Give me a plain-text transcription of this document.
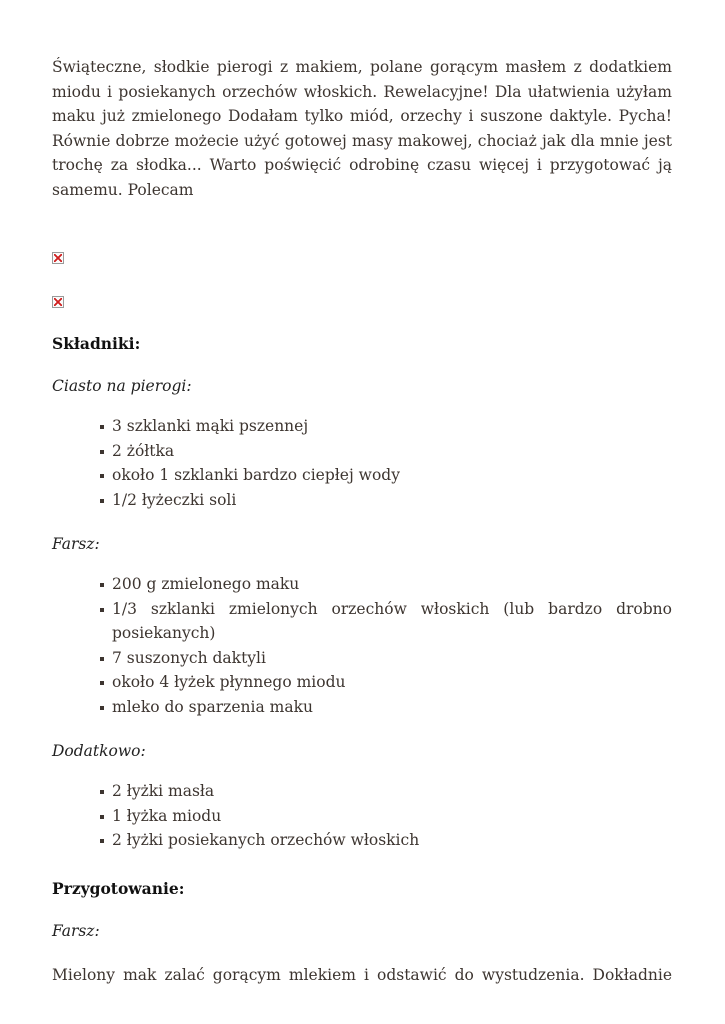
Świąteczne, słodkie pierogi z makiem, polane gorącym masłem z dodatkiem miodu i posiekanych orzechów włoskich. Rewelacyjne! Dla ułatwienia użyłam maku już zmielonego Dodałam tylko miód, orzechy i suszone daktyle. Pycha! Równie dobrze możecie użyć gotowej masy makowej, chociaż jak dla mnie jest trochę za słodka... Warto poświęcić odrobinę czasu więcej i przygotować ją samemu. Polecam

Składniki:

Ciasto na pierogi:

3 szklanki mąki pszennej
2 żółtka
około 1 szklanki bardzo ciepłej wody
1/2 łyżeczki soli

Farsz:

200 g zmielonego maku
1/3 szklanki zmielonych orzechów włoskich (lub bardzo drobno posiekanych)
7 suszonych daktyli
około 4 łyżek płynnego miodu
mleko do sparzenia maku

Dodatkowo:

2 łyżki masła
1 łyżka miodu
2 łyżki posiekanych orzechów włoskich

Przygotowanie:

Farsz:

Mielony mak zalać gorącym mlekiem i odstawić do wystudzenia. Dokładnie
